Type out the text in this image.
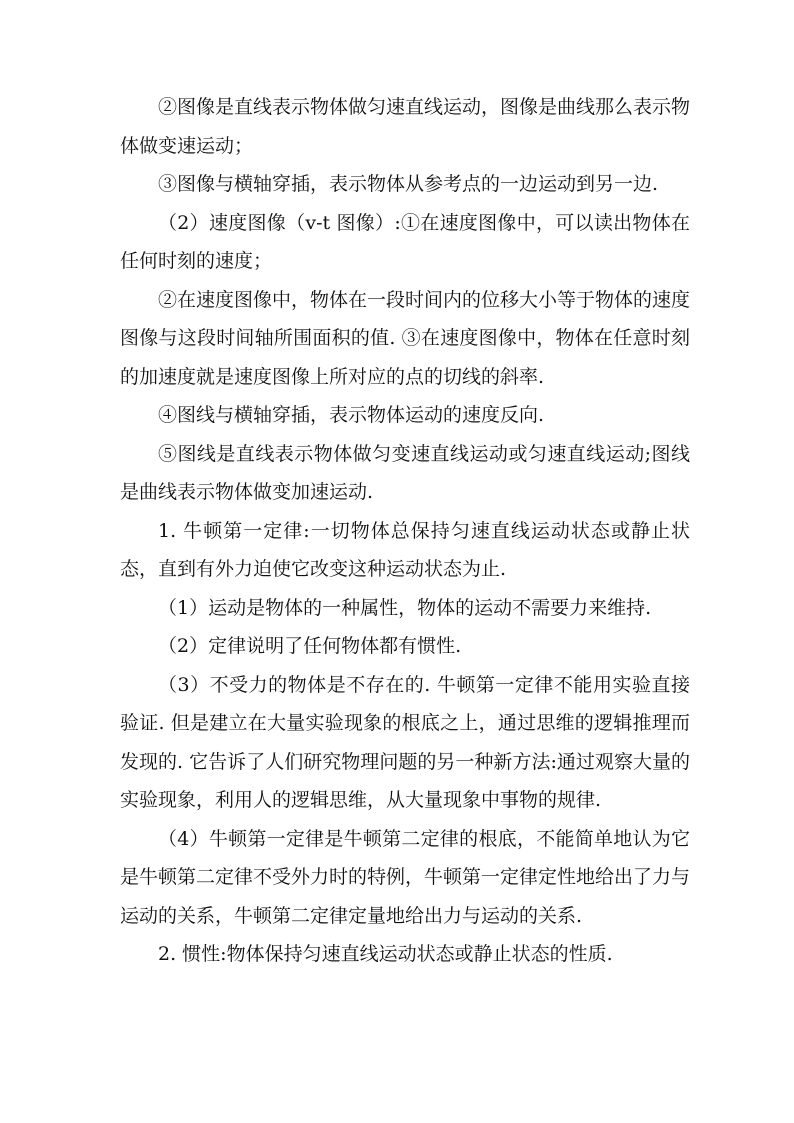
②图像是直线表示物体做匀速直线运动，图像是曲线那么表示物体做变速运动；

③图像与横轴穿插，表示物体从参考点的一边运动到另一边.

（2）速度图像（v-t 图像）:①在速度图像中，可以读出物体在任何时刻的速度；

②在速度图像中，物体在一段时间内的位移大小等于物体的速度图像与这段时间轴所围面积的值. ③在速度图像中，物体在任意时刻的加速度就是速度图像上所对应的点的切线的斜率.

④图线与横轴穿插，表示物体运动的速度反向.

⑤图线是直线表示物体做匀变速直线运动或匀速直线运动;图线是曲线表示物体做变加速运动.

1. 牛顿第一定律:一切物体总保持匀速直线运动状态或静止状态，直到有外力迫使它改变这种运动状态为止.

（1）运动是物体的一种属性，物体的运动不需要力来维持.

（2）定律说明了任何物体都有惯性.

（3）不受力的物体是不存在的. 牛顿第一定律不能用实验直接验证. 但是建立在大量实验现象的根底之上，通过思维的逻辑推理而发现的. 它告诉了人们研究物理问题的另一种新方法:通过观察大量的实验现象，利用人的逻辑思维，从大量现象中事物的规律.

（4）牛顿第一定律是牛顿第二定律的根底，不能简单地认为它是牛顿第二定律不受外力时的特例，牛顿第一定律定性地给出了力与运动的关系，牛顿第二定律定量地给出力与运动的关系.

2. 惯性:物体保持匀速直线运动状态或静止状态的性质.
